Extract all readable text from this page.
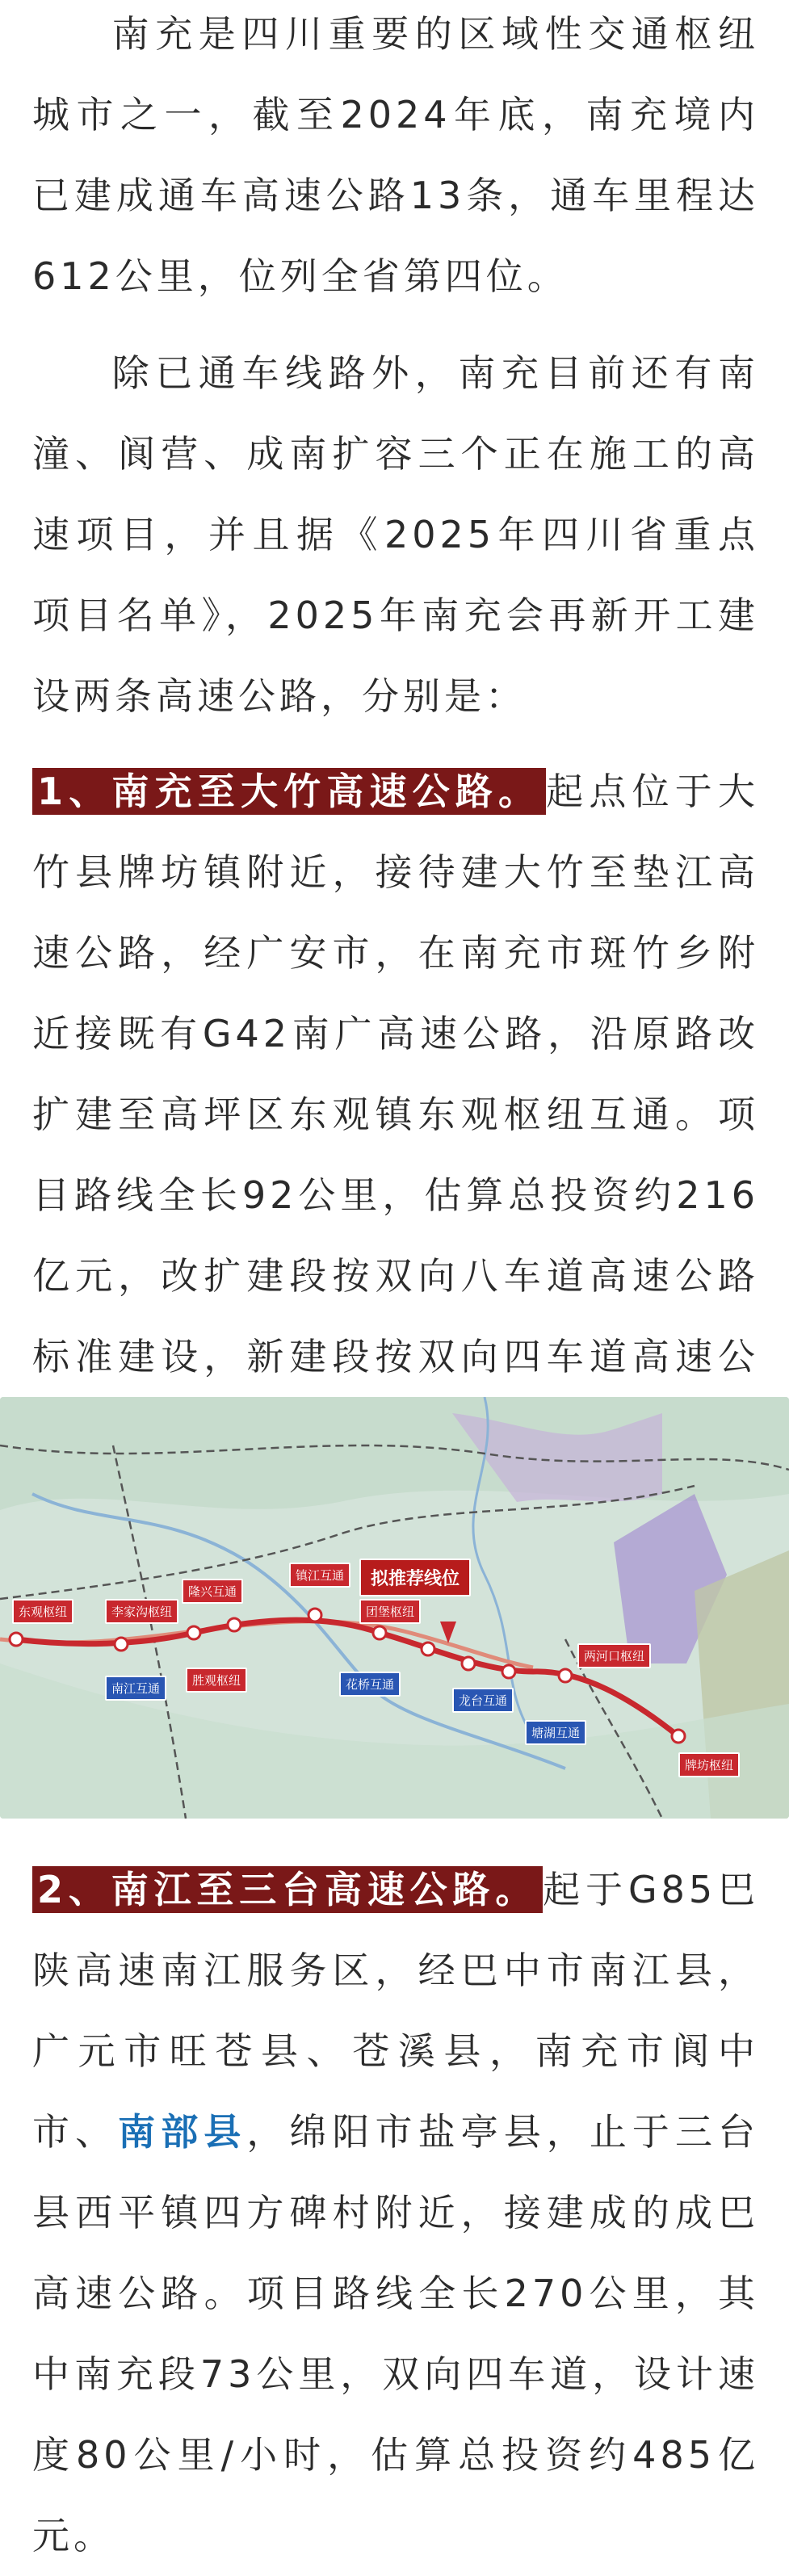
南充是四川重要的区域性交通枢纽城市之一，截至2024年底，南充境内已建成通车高速公路13条，通车里程达612公里，位列全省第四位。
除已通车线路外，南充目前还有南潼、阆营、成南扩容三个正在施工的高速项目，并且据《2025年四川省重点项目名单》，2025年南充会再新开工建设两条高速公路，分别是：
1、南充至大竹高速公路。 起点位于大竹县牌坊镇附近，接待建大竹至垫江高速公路，经广安市，在南充市斑竹乡附近接既有G42南广高速公路，沿原路改扩建至高坪区东观镇东观枢纽互通。项目路线全长92公里，估算总投资约216亿元，改扩建段按双向八车道高速公路标准建设，新建段按双向四车道高速公
拟推荐线位
东观枢纽	李家沟枢纽
隆兴互通
镇江互通
团堡枢纽
胜观枢纽
两河口枢纽
牌坊枢纽
南江互通	花桥互通
龙台互通
塘湖互通
2、南江至三台高速公路。 起于G85巴陕高速南江服务区，经巴中市南江县，广元市旺苍县、苍溪县，南充市阆中市、南部县，绵阳市盐亭县，止于三台县西平镇四方碑村附近，接建成的成巴高速公路。项目路线全长270公里，其中南充段73公里，双向四车道，设计速度80公里/小时，估算总投资约485亿元。
